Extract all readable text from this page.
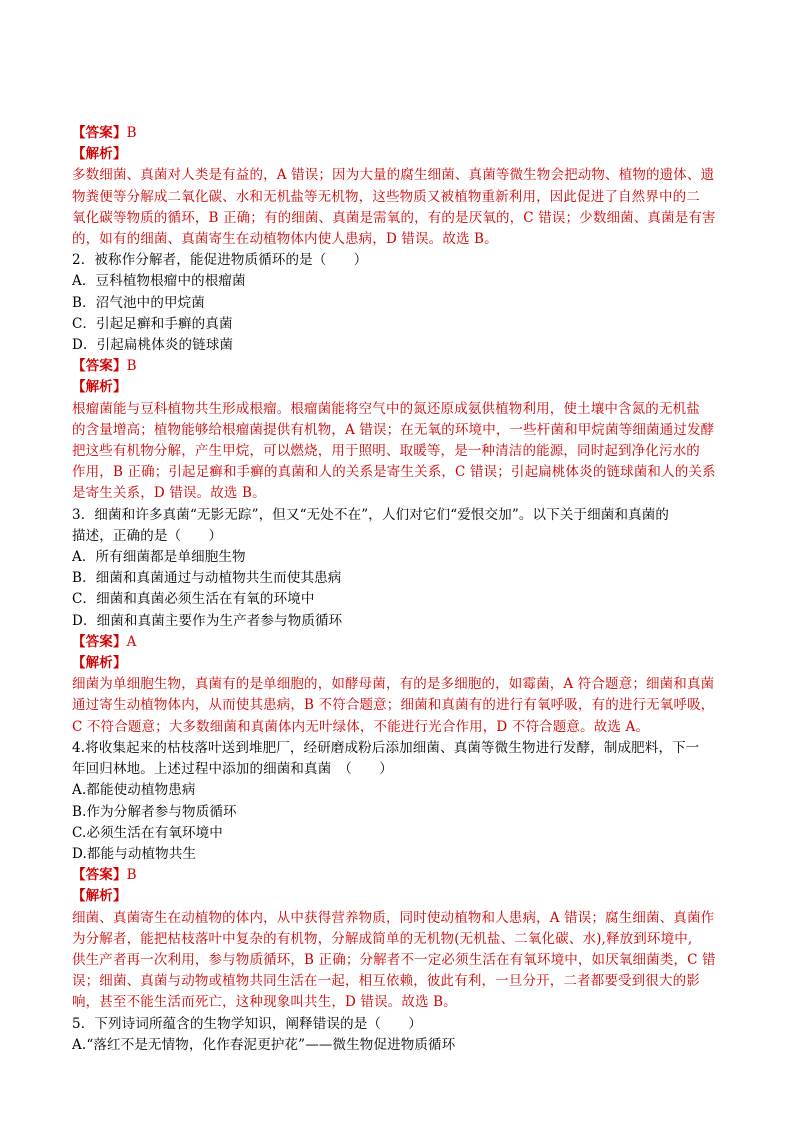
【答案】B
【解析】
多数细菌、真菌对人类是有益的，A 错误；因为大量的腐生细菌、真菌等微生物会把动物、植物的遗体、遗
物粪便等分解成二氧化碳、水和无机盐等无机物，这些物质又被植物重新利用，因此促进了自然界中的二
氧化碳等物质的循环，B 正确；有的细菌、真菌是需氧的，有的是厌氧的，C 错误；少数细菌、真菌是有害
的，如有的细菌、真菌寄生在动植物体内使人患病，D 错误。故选 B。
2．被称作分解者，能促进物质循环的是（　　）
A．豆科植物根瘤中的根瘤菌
B．沼气池中的甲烷菌
C．引起足癣和手癣的真菌
D．引起扁桃体炎的链球菌
【答案】B
【解析】
根瘤菌能与豆科植物共生形成根瘤。根瘤菌能将空气中的氮还原成氨供植物利用，使土壤中含氮的无机盐
的含量增高；植物能够给根瘤菌提供有机物，A 错误；在无氧的环境中，一些杆菌和甲烷菌等细菌通过发酵
把这些有机物分解，产生甲烷，可以燃烧，用于照明、取暖等，是一种清洁的能源，同时起到净化污水的
作用，B 正确；引起足癣和手癣的真菌和人的关系是寄生关系，C 错误；引起扁桃体炎的链球菌和人的关系
是寄生关系，D 错误。故选 B。
3．细菌和许多真菌“无影无踪”，但又“无处不在”，人们对它们“爱恨交加”。以下关于细菌和真菌的
描述，正确的是（　　）
A．所有细菌都是单细胞生物
B．细菌和真菌通过与动植物共生而使其患病
C．细菌和真菌必须生活在有氧的环境中
D．细菌和真菌主要作为生产者参与物质循环
【答案】A
【解析】
细菌为单细胞生物，真菌有的是单细胞的，如酵母菌，有的是多细胞的，如霉菌，A 符合题意；细菌和真菌
通过寄生动植物体内，从而使其患病，B 不符合题意；细菌和真菌有的进行有氧呼吸，有的进行无氧呼吸，
C 不符合题意；大多数细菌和真菌体内无叶绿体，不能进行光合作用，D 不符合题意。故选 A。
4.将收集起来的枯枝落叶送到堆肥厂，经研磨成粉后添加细菌、真菌等微生物进行发酵，制成肥料，下一
年回归林地。上述过程中添加的细菌和真菌　（　　）
A.都能使动植物患病
B.作为分解者参与物质循环
C.必须生活在有氧环境中
D.都能与动植物共生
【答案】B
【解析】
细菌、真菌寄生在动植物的体内，从中获得营养物质，同时使动植物和人患病，A 错误；腐生细菌、真菌作
为分解者，能把枯枝落叶中复杂的有机物，分解成简单的无机物(无机盐、二氧化碳、水),释放到环境中,
供生产者再一次利用，参与物质循环，B 正确；分解者不一定必须生活在有氧环境中，如厌氧细菌类，C 错
误；细菌、真菌与动物或植物共同生活在一起，相互依赖，彼此有利，一旦分开，二者都要受到很大的影
响，甚至不能生活而死亡，这种现象叫共生，D 错误。故选 B。
5．下列诗词所蕴含的生物学知识，阐释错误的是（　　）
A.“落红不是无情物，化作春泥更护花”——微生物促进物质循环
